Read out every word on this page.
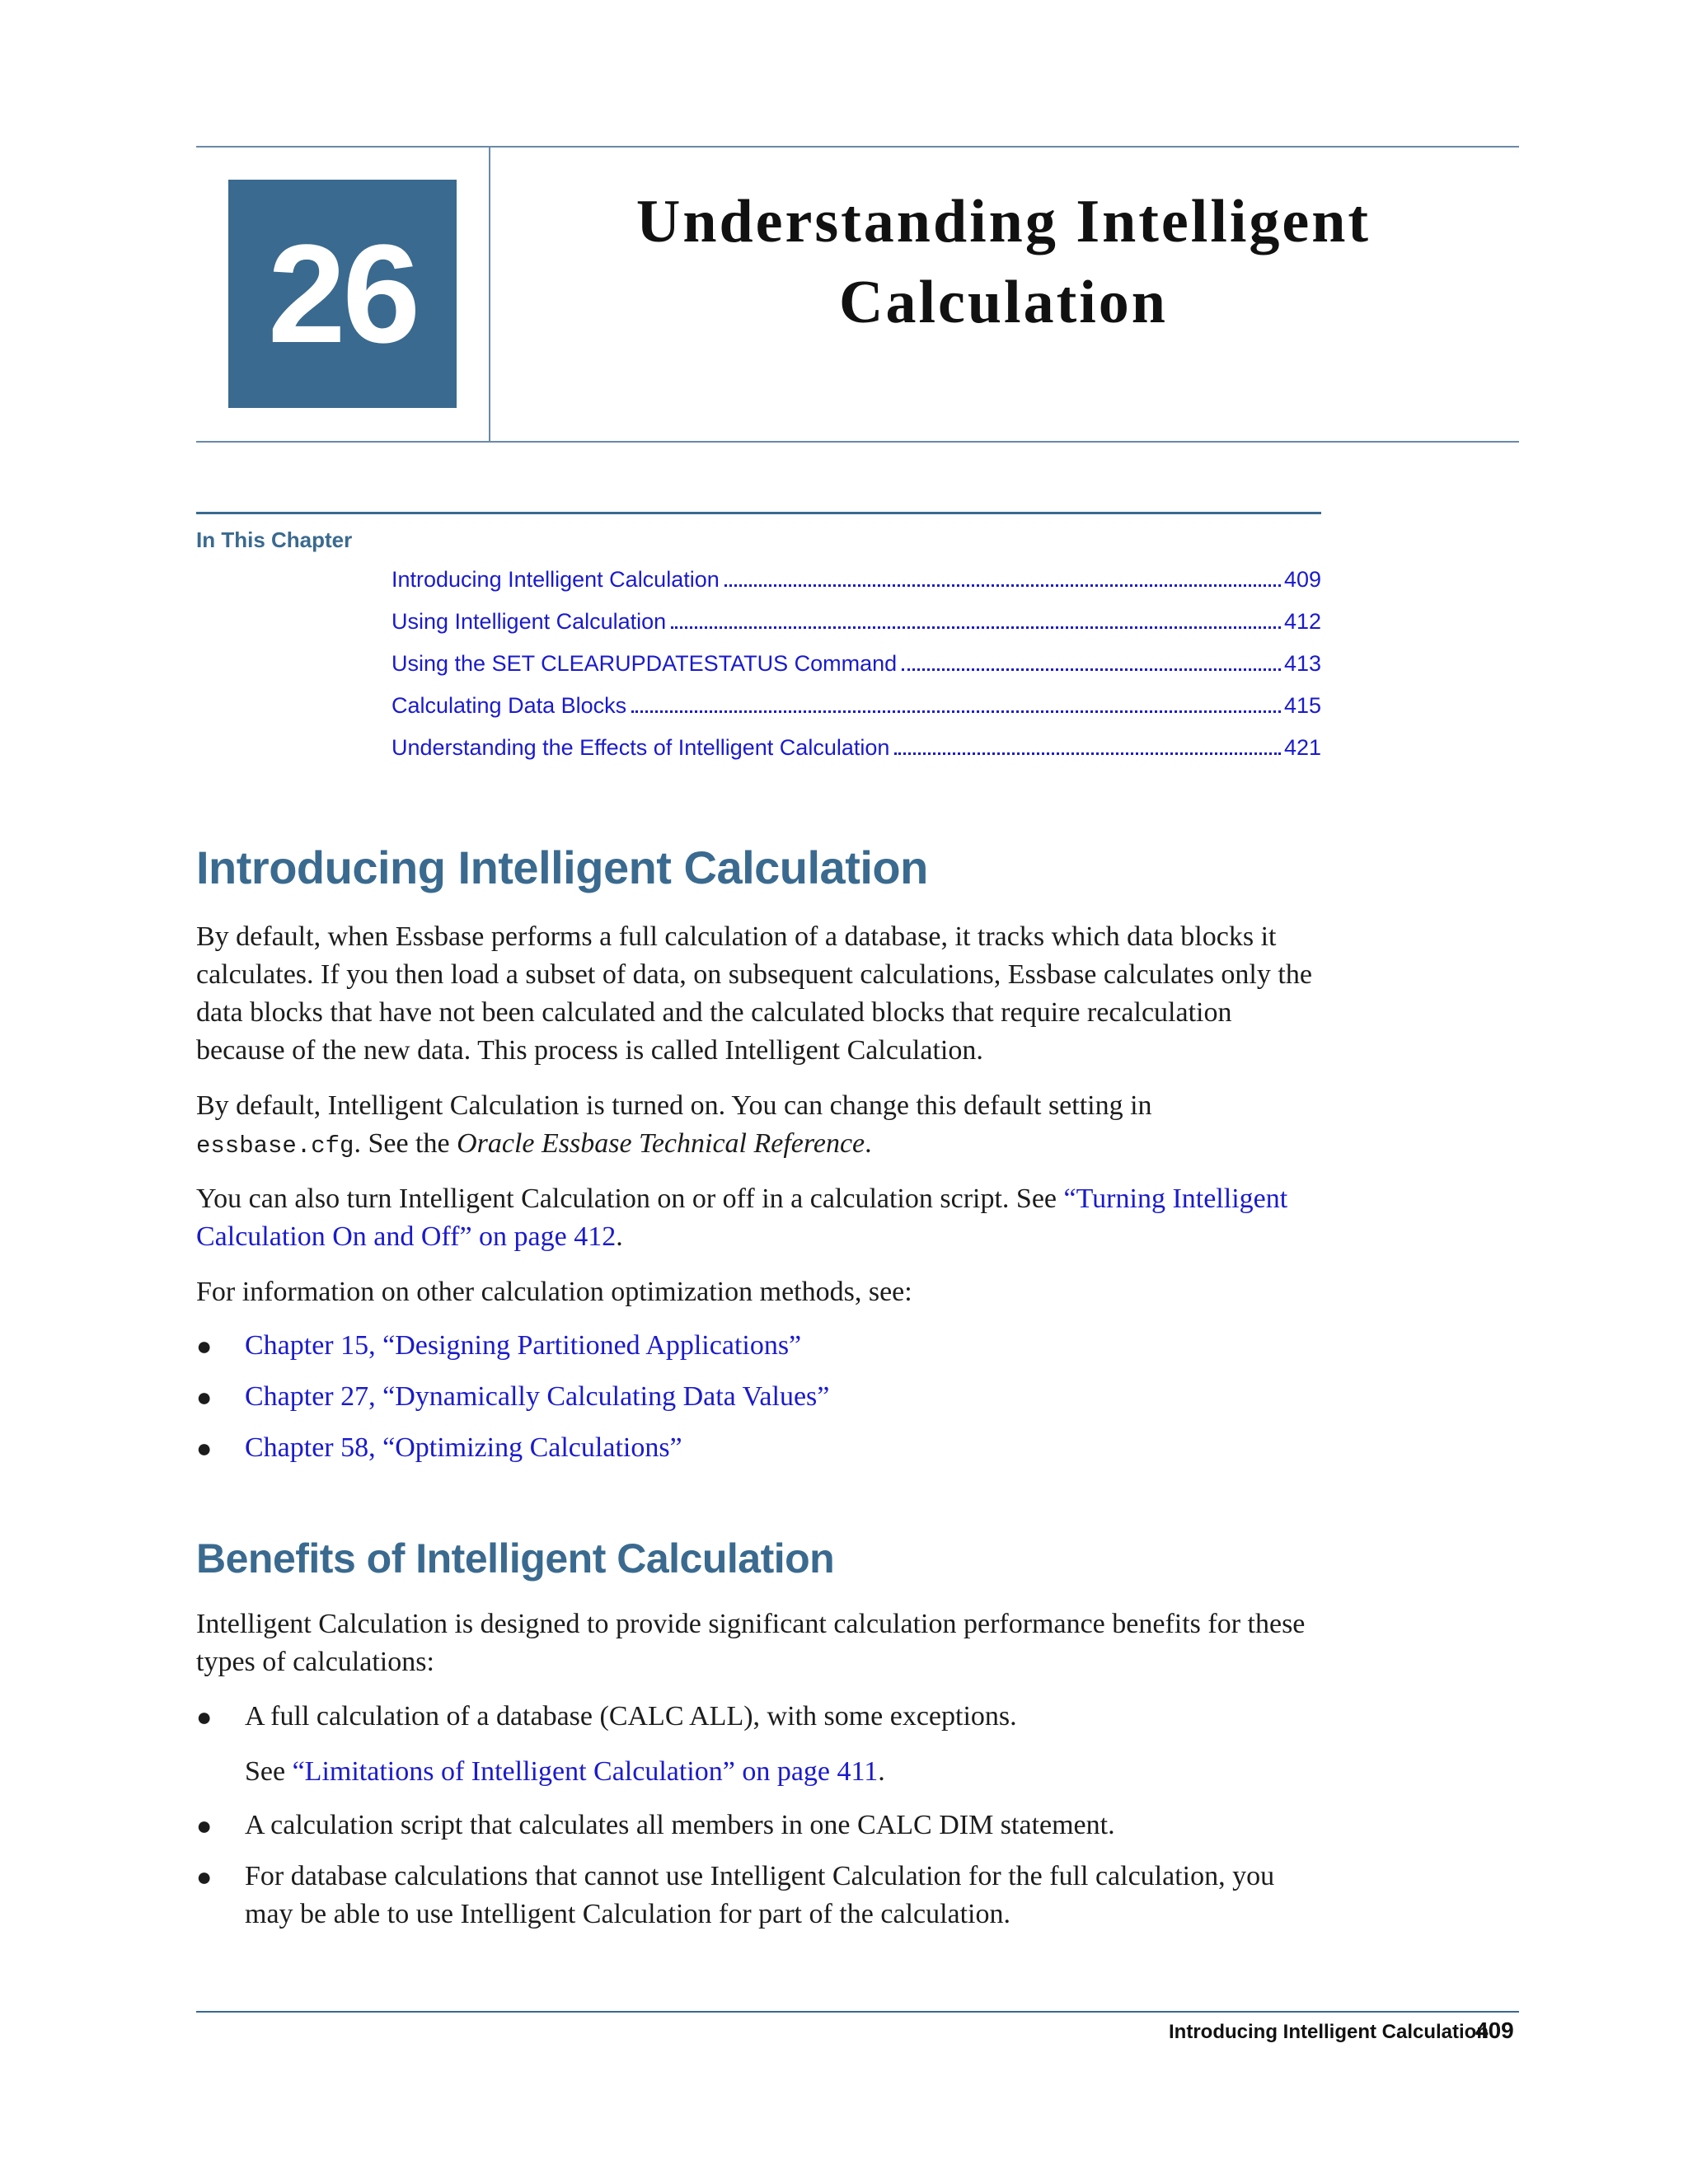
26	Understanding Intelligent
Calculation
In This Chapter
Introducing Intelligent Calculation	409
Using Intelligent Calculation	412
Using the SET CLEARUPDATESTATUS Command	413
Calculating Data Blocks	415
Understanding the Effects of Intelligent Calculation	421
Introducing Intelligent Calculation

By default, when Essbase performs a full calculation of a database, it tracks which data blocks it calculates. If you then load a subset of data, on subsequent calculations, Essbase calculates only the data blocks that have not been calculated and the calculated blocks that require recalculation because of the new data. This process is called Intelligent Calculation.

By default, Intelligent Calculation is turned on. You can change this default setting in
essbase.cfg. See the Oracle Essbase Technical Reference.

You can also turn Intelligent Calculation on or off in a calculation script. See “Turning Intelligent Calculation On and Off” on page 412.

For information on other calculation optimization methods, see:

●	Chapter 15, “Designing Partitioned Applications”
●	Chapter 27, “Dynamically Calculating Data Values”
●	Chapter 58, “Optimizing Calculations”
Benefits of Intelligent Calculation

Intelligent Calculation is designed to provide significant calculation performance benefits for these types of calculations:

●	A full calculation of a database (CALC ALL), with some exceptions.
See “Limitations of Intelligent Calculation” on page 411.
●	A calculation script that calculates all members in one CALC DIM statement.
●	For database calculations that cannot use Intelligent Calculation for the full calculation, you may be able to use Intelligent Calculation for part of the calculation.
Introducing Intelligent Calculation
409
